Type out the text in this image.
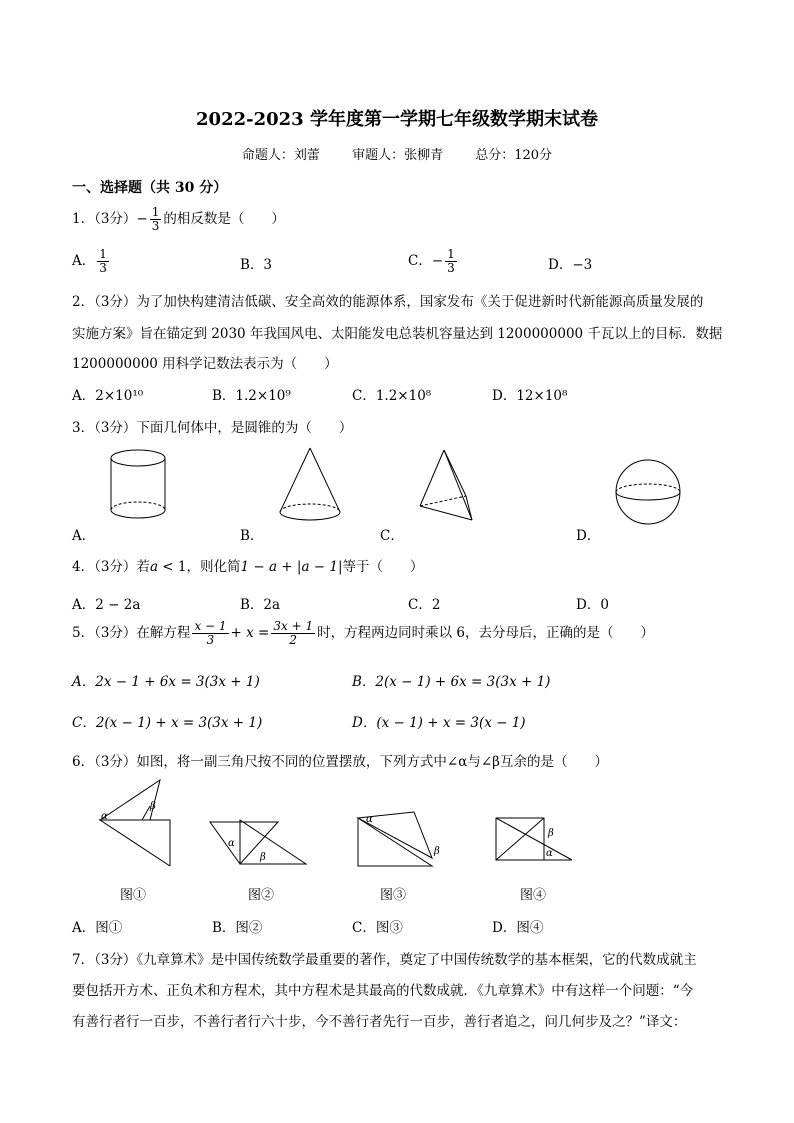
2022-2023 学年度第一学期七年级数学期末试卷
命题人：刘蕾 审题人：张柳青 总分：120分
一、选择题（共 30 分）
1．（3分）− $\frac{1}{3}$ 的相反数是（　　）
A． $\frac{1}{3}$	B．3	C．− $\frac{1}{3}$	D．−3
2．（3分）为了加快构建清洁低碳、安全高效的能源体系，国家发布《关于促进新时代新能源高质量发展的
实施方案》旨在锚定到 2030 年我国风电、太阳能发电总装机容量达到 1200000000 千瓦以上的目标．数据
1200000000 用科学记数法表示为（　　）
A．2×10¹⁰	B．1.2×10⁹	C．1.2×10⁸	D．12×10⁸
3．（3分）下面几何体中，是圆锥的为（　　）
A．	B．	C．	D．
4．（3分）若a < 1，则化简1 − a + |a − 1|等于（　　）
A．2 − 2a	B．2a	C．2	D．0
5．（3分）在解方程 $\frac{x - 1}{3} + x = \frac{3x + 1}{2}$ 时，方程两边同时乘以 6，去分母后，正确的是（　　）
A．2x − 1 + 6x = 3(3x + 1)	B．2(x − 1) + 6x = 3(3x + 1)
C．2(x − 1) + x = 3(3x + 1)	D．(x − 1) + x = 3(x − 1)
6．（3分）如图，将一副三角尺按不同的位置摆放，下列方式中∠α与∠β互余的是（　　）
α
β
α
β
α
β
β
α
图①	图②	图③	图④
A．图①	B．图②	C．图③	D．图④
7．（3分）《九章算术》是中国传统数学最重要的著作，奠定了中国传统数学的基本框架，它的代数成就主
要包括开方术、正负术和方程术，其中方程术是其最高的代数成就．《九章算术》中有这样一个问题：“今
有善行者行一百步，不善行者行六十步，今不善行者先行一百步，善行者追之，问几何步及之？”译文：
